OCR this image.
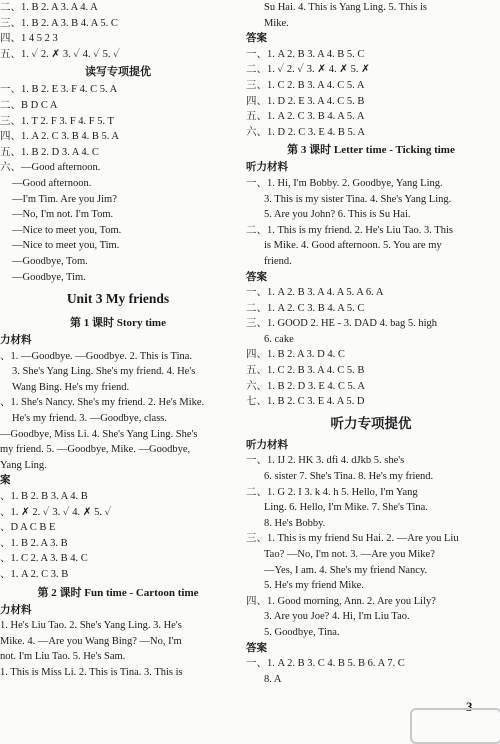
二、1. B 2. A 3. A 4. A
三、1. B 2. A 3. B 4. A 5. C
四、1 4 5 2 3
五、1. ✓ 2. ✗ 3. ✓ 4. ✓ 5. ✓
读写专项提优
一、1. B 2. E 3. F 4. C 5. A
二、B D C A
三、1. T 2. F 3. F 4. F 5. T
四、1. A 2. C 3. B 4. B 5. A
五、1. B 2. D 3. A 4. C
六、—Good afternoon.
—Good afternoon.
—I'm Tim. Are you Jim?
—No, I'm not. I'm Tom.
—Nice to meet you, Tom.
—Nice to meet you, Tim.
—Goodbye, Tom.
—Goodbye, Tim.
Unit 3 My friends
第 1 课时 Story time
力材料
、1. —Goodbye. —Goodbye. 2. This is Tina.
3. She's Yang Ling. She's my friend. 4. He's
Wang Bing. He's my friend.
、1. She's Nancy. She's my friend. 2. He's Mike.
He's my friend. 3. —Goodbye, class.
—Goodbye, Miss Li. 4. She's Yang Ling. She's
my friend. 5. —Goodbye, Mike. —Goodbye,
Yang Ling.
案
、1. B 2. B 3. A 4. B
、1. ✗ 2. ✓ 3. ✓ 4. ✗ 5. ✓
、D A C B E
、1. B 2. A 3. B
、1. C 2. A 3. B 4. C
、1. A 2. C 3. B
第 2 课时 Fun time - Cartoon time
力材料
1. He's Liu Tao. 2. She's Yang Ling. 3. He's
Mike. 4. —Are you Wang Bing? —No, I'm
not. I'm Liu Tao. 5. He's Sam.
1. This is Miss Li. 2. This is Tina. 3. This is
Su Hai. 4. This is Yang Ling. 5. This is
Mike.
答案
一、1. A 2. B 3. A 4. B 5. C
二、1. ✓ 2. ✓ 3. ✗ 4. ✗ 5. ✗
三、1. C 2. B 3. A 4. C 5. A
四、1. D 2. E 3. A 4. C 5. B
五、1. A 2. C 3. B 4. A 5. A
六、1. D 2. C 3. E 4. B 5. A
第 3 课时 Letter time - Ticking time
听力材料
一、1. Hi, I'm Bobby. 2. Goodbye, Yang Ling.
3. This is my sister Tina. 4. She's Yang Ling.
5. Are you John? 6. This is Su Hai.
二、1. This is my friend. 2. He's Liu Tao. 3. This
is Mike. 4. Good afternoon. 5. You are my
friend.
答案
一、1. A 2. B 3. A 4. A 5. A 6. A
二、1. A 2. C 3. B 4. A 5. C
三、1. GOOD 2. HE - 3. DAD 4. bag 5. high
6. cake
四、1. B 2. A 3. D 4. C
五、1. C 2. B 3. A 4. C 5. B
六、1. B 2. D 3. E 4. C 5. A
七、1. B 2. C 3. E 4. A 5. D
听力专项提优
听力材料
一、1. IJ 2. HK 3. dfi 4. dJkb 5. she's
6. sister 7. She's Tina. 8. He's my friend.
二、1. G 2. I 3. k 4. h 5. Hello, I'm Yang
Ling. 6. Hello, I'm Mike. 7. She's Tina.
8. He's Bobby.
三、1. This is my friend Su Hai. 2. —Are you Liu
Tao? —No, I'm not. 3. —Are you Mike?
—Yes, I am. 4. She's my friend Nancy.
5. He's my friend Mike.
四、1. Good morning, Ann. 2. Are you Lily?
3. Are you Joe? 4. Hi, I'm Liu Tao.
5. Goodbye, Tina.
答案
一、1. A 2. B 3. C 4. B 5. B 6. A 7. C
8. A
3
